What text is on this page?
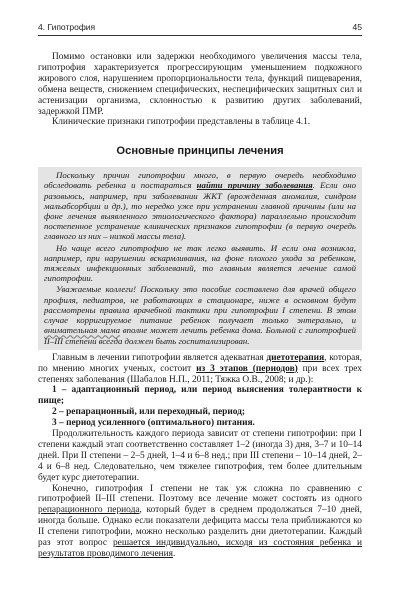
4. Гипотрофия	45

Помимо остановки или задержки необходимого увеличения массы тела, гипотрофия характеризуется прогрессирующим уменьшением подкожного жирового слоя, нарушением пропорциональности тела, функций пищеварения, обмена веществ, снижением специфических, неспецифических защитных сил и астенизации организма, склонностью к развитию других заболеваний, задержкой ПМР.

Клинические признаки гипотрофии представлены в таблице 4.1.

Основные принципы лечения

Поскольку причин гипотрофии много, в первую очередь необходимо обследовать ребенка и постараться найти причину заболевания. Если оно разовьюсь, например, при заболевании ЖКТ (врожденная аномалия, синдром мальабсорбции и др.), то нередко уже при устранении главной причины (или на фоне лечения выявленного этиологического фактора) параллельно происходит постепенное устранение клинических признаков гипотрофии (в первую очередь главного из них – низкой массы тела).

Но чаще всего гипотрофию не так легко выявить. И если она возникла, например, при нарушении вскармливания, на фоне плохого ухода за ребенком, тяжелых инфекционных заболеваний, то главным является лечение самой гипотрофии.

Уважаемые коллеги! Поскольку это пособие составлено для врачей общего профиля, педиатров, не работающих в стационаре, ниже в основном будут рассмотрены правила врачебной тактики при гипотрофии I степени. В этом случае корригируемое питание ребенок получает только энтерально, и внимательная мама вполне может лечить ребенка дома. Больной с гипотрофией II–III степени всегда должен быть госпитализирован.

Главным в лечении гипотрофии является адекватная диетотерапия, которая, по мнению многих ученых, состоит из 3 этапов (периодов) при всех трех степенях заболевания (Шабалов Н.П., 2011; Тяжка О.В., 2008; и др.):

1 – адаптационный период, или период выяснения толерантности к пище;

2 – репарационный, или переходный, период;

3 – период усиленного (оптимального) питания.

Продолжительность каждого периода зависит от степени гипотрофии: при I степени каждый этап соответственно составляет 1–2 (иногда 3) дня, 3–7 и 10–14 дней. При II степени – 2–5 дней, 1–4 и 6–8 нед.; при III степени – 10–14 дней, 2–4 и 6–8 нед. Следовательно, чем тяжелее гипотрофия, тем более длительным будет курс диетотерапии.

Конечно, гипотрофия I степени не так уж сложна по сравнению с гипотрофией II–III степени. Поэтому все лечение может состоять из одного репарационного периода, который будет в среднем продолжаться 7–10 дней, иногда больше. Однако если показатели дефицита массы тела приближаются ко II степени гипотрофии, можно несколько разделить дни диетотерапии. Каждый раз этот вопрос решается индивидуально, исходя из состояния ребенка и результатов проводимого лечения.
